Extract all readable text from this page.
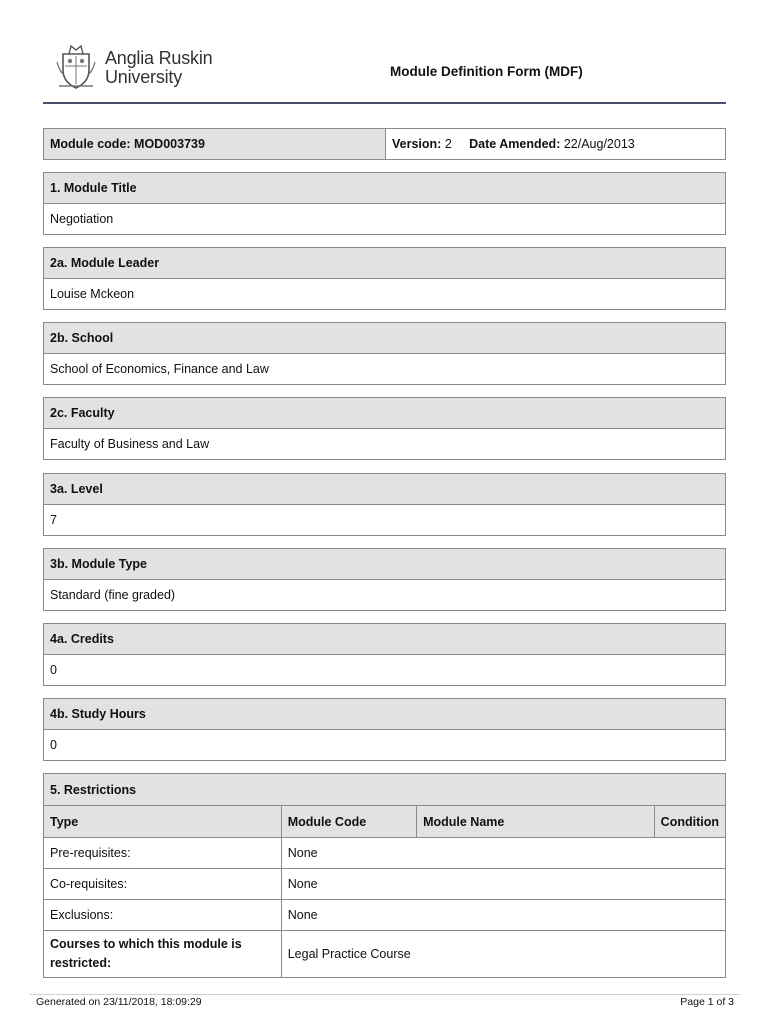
Anglia Ruskin
University	Module Definition Form (MDF)
Module code: MOD003739	Version: 2 Date Amended: 22/Aug/2013
1. Module Title
Negotiation
2a. Module Leader
Louise Mckeon
2b. School
School of Economics, Finance and Law
2c. Faculty
Faculty of Business and Law
3a. Level
7
3b. Module Type
Standard (fine graded)
4a. Credits
0
4b. Study Hours
0
5. Restrictions			
Type	Module Code	Module Name	Condition
Pre-requisites:	None		
Co-requisites:	None		
Exclusions:	None		
Courses to which this module is restricted:	Legal Practice Course		
Generated on 23/11/2018, 18:09:29	Page 1 of 3
